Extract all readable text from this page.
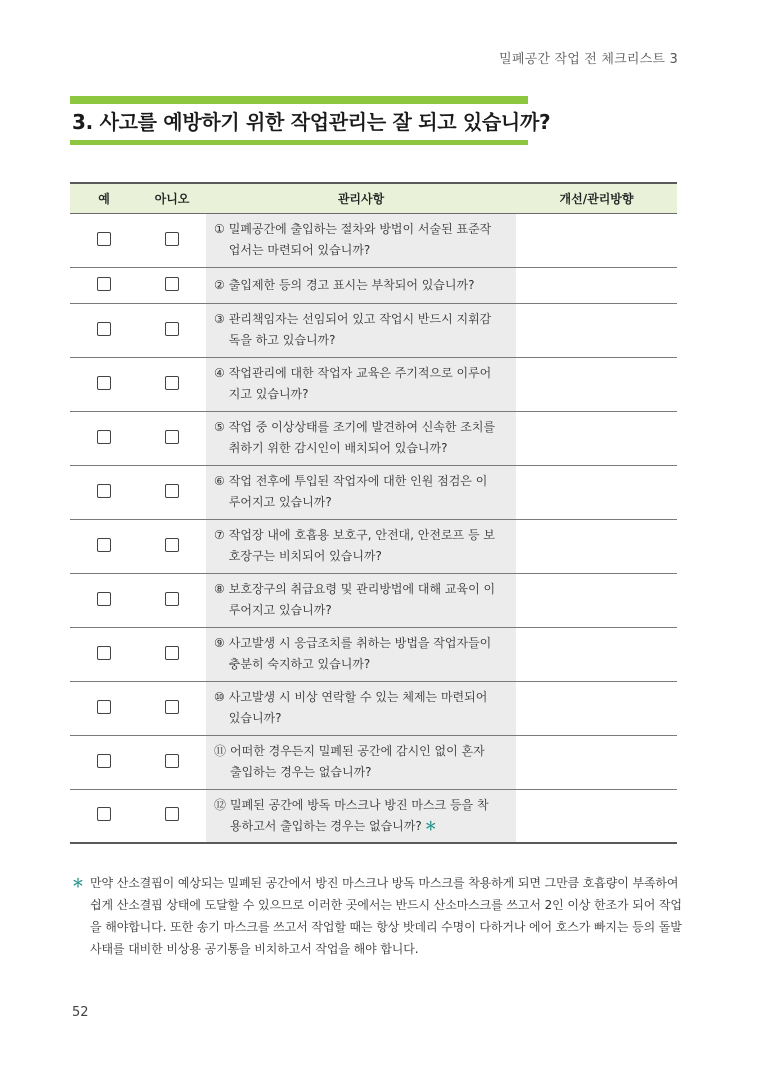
밀폐공간 작업 전 체크리스트 3
3. 사고를 예방하기 위한 작업관리는 잘 되고 있습니까?
예	아니오	관리사항	개선/관리방향

		① 밀폐공간에 출입하는 절차와 방법이 서술된 표준작
업서는 마련되어 있습니까?	

		② 출입제한 등의 경고 표시는 부착되어 있습니까?	

		③ 관리책임자는 선임되어 있고 작업시 반드시 지휘감
독을 하고 있습니까?	

		④ 작업관리에 대한 작업자 교육은 주기적으로 이루어
지고 있습니까?	

		⑤ 작업 중 이상상태를 조기에 발견하여 신속한 조치를
취하기 위한 감시인이 배치되어 있습니까?	

		⑥ 작업 전후에 투입된 작업자에 대한 인원 점검은 이
루어지고 있습니까?	

		⑦ 작업장 내에 호흡용 보호구, 안전대, 안전로프 등 보
호장구는 비치되어 있습니까?	

		⑧ 보호장구의 취급요령 및 관리방법에 대해 교육이 이
루어지고 있습니까?	

		⑨ 사고발생 시 응급조치를 취하는 방법을 작업자들이
충분히 숙지하고 있습니까?	

		⑩ 사고발생 시 비상 연락할 수 있는 체제는 마련되어
있습니까?	

		⑪ 어떠한 경우든지 밀폐된 공간에 감시인 없이 혼자
출입하는 경우는 없습니까?	

		⑫ 밀폐된 공간에 방독 마스크나 방진 마스크 등을 착
용하고서 출입하는 경우는 없습니까? ＊	

＊ 만약 산소결핍이 예상되는 밀폐된 공간에서 방진 마스크나 방독 마스크를 착용하게 되면 그만큼 호흡량이 부족하여 쉽게 산소결핍 상태에 도달할 수 있으므로 이러한 곳에서는 반드시 산소마스크를 쓰고서 2인 이상 한조가 되어 작업을 해야합니다. 또한 송기 마스크를 쓰고서 작업할 때는 항상 밧데리 수명이 다하거나 에어 호스가 빠지는 등의 돌발사태를 대비한 비상용 공기통을 비치하고서 작업을 해야 합니다.
52
